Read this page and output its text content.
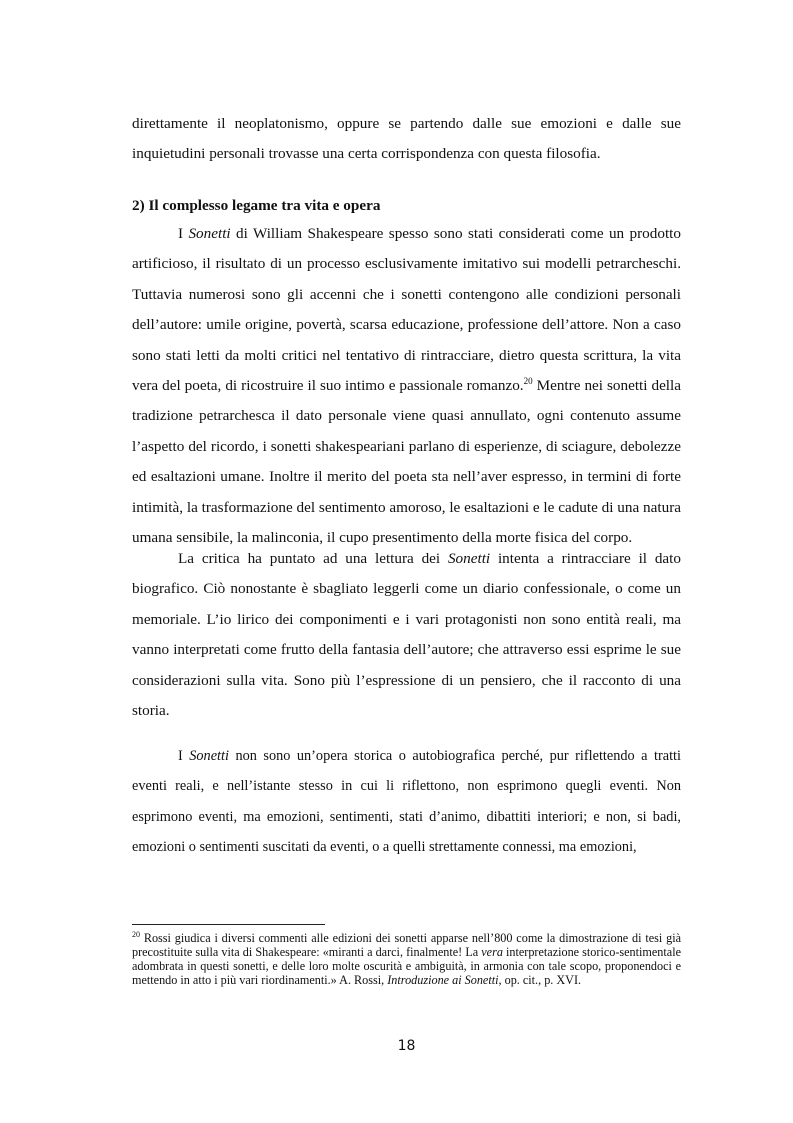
direttamente il neoplatonismo, oppure se partendo dalle sue emozioni e dalle sue inquietudini personali trovasse una certa corrispondenza con questa filosofia.

2) Il complesso legame tra vita e opera

I Sonetti di William Shakespeare spesso sono stati considerati come un prodotto artificioso, il risultato di un processo esclusivamente imitativo sui modelli petrarcheschi. Tuttavia numerosi sono gli accenni che i sonetti contengono alle condizioni personali dell’autore: umile origine, povertà, scarsa educazione, professione dell’attore. Non a caso sono stati letti da molti critici nel tentativo di rintracciare, dietro questa scrittura, la vita vera del poeta, di ricostruire il suo intimo e passionale romanzo.$^{20}$ Mentre nei sonetti della tradizione petrarchesca il dato personale viene quasi annullato, ogni contenuto assume l’aspetto del ricordo, i sonetti shakespeariani parlano di esperienze, di sciagure, debolezze ed esaltazioni umane. Inoltre il merito del poeta sta nell’aver espresso, in termini di forte intimità, la trasformazione del sentimento amoroso, le esaltazioni e le cadute di una natura umana sensibile, la malinconia, il cupo presentimento della morte fisica del corpo.

La critica ha puntato ad una lettura dei Sonetti intenta a rintracciare il dato biografico. Ciò nonostante è sbagliato leggerli come un diario confessionale, o come un memoriale. L’io lirico dei componimenti e i vari protagonisti non sono entità reali, ma vanno interpretati come frutto della fantasia dell’autore; che attraverso essi esprime le sue considerazioni sulla vita. Sono più l’espressione di un pensiero, che il racconto di una storia.

I Sonetti non sono un’opera storica o autobiografica perché, pur riflettendo a tratti eventi reali, e nell’istante stesso in cui li riflettono, non esprimono quegli eventi. Non esprimono eventi, ma emozioni, sentimenti, stati d’animo, dibattiti interiori; e non, si badi, emozioni o sentimenti suscitati da eventi, o a quelli strettamente connessi, ma emozioni,

$^{20}$ Rossi giudica i diversi commenti alle edizioni dei sonetti apparse nell’800 come la dimostrazione di tesi già precostituite sulla vita di Shakespeare: «miranti a darci, finalmente! La vera interpretazione storico-sentimentale adombrata in questi sonetti, e delle loro molte oscurità e ambiguità, in armonia con tale scopo, proponendoci e mettendo in atto i più vari riordinamenti.» A. Rossi, Introduzione ai Sonetti, op. cit., p. XVI.

18
